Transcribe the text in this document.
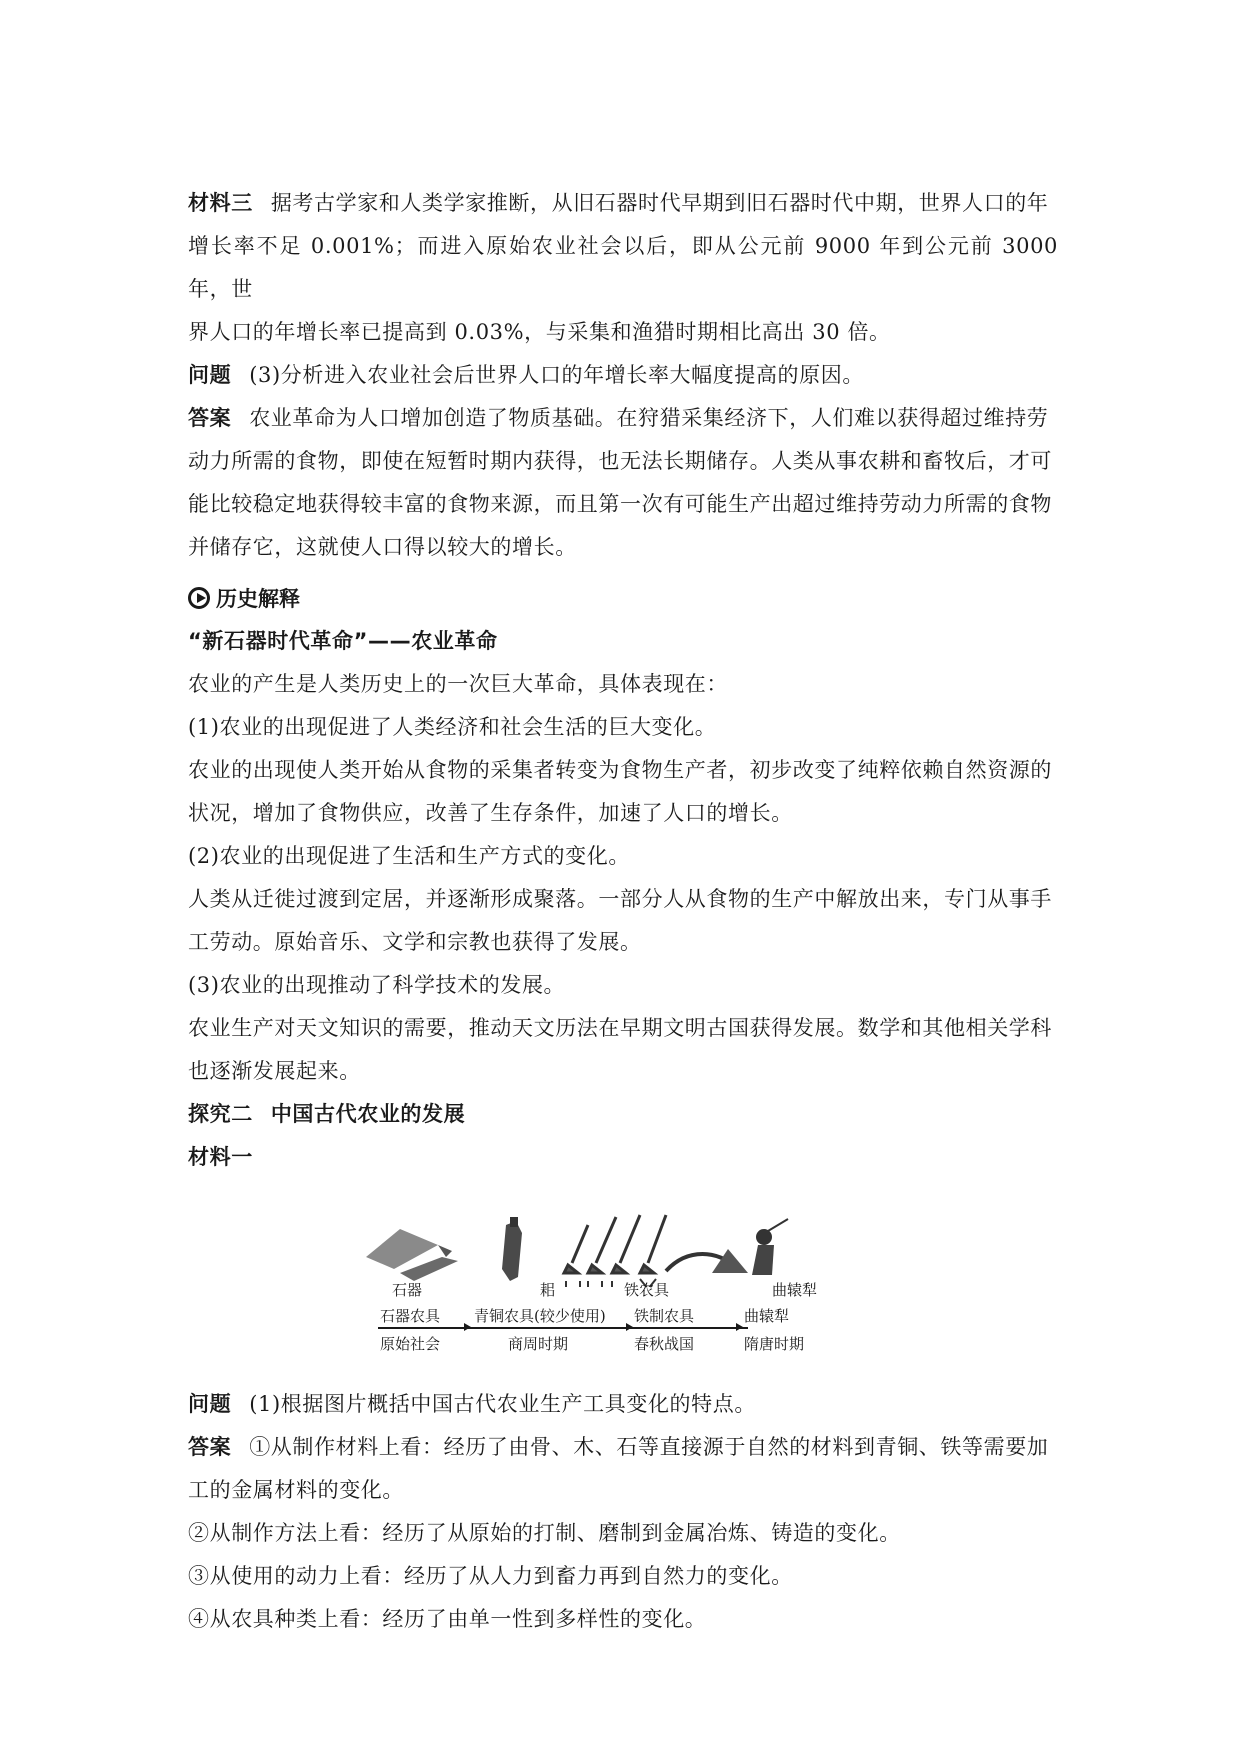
材料三 据考古学家和人类学家推断，从旧石器时代早期到旧石器时代中期，世界人口的年

增长率不足 0.001%；而进入原始农业社会以后，即从公元前 9000 年到公元前 3000 年，世

界人口的年增长率已提高到 0.03%，与采集和渔猎时期相比高出 30 倍。

问题 (3)分析进入农业社会后世界人口的年增长率大幅度提高的原因。

答案 农业革命为人口增加创造了物质基础。在狩猎采集经济下，人们难以获得超过维持劳

动力所需的食物，即使在短暂时期内获得，也无法长期储存。人类从事农耕和畜牧后，才可

能比较稳定地获得较丰富的食物来源，而且第一次有可能生产出超过维持劳动力所需的食物

并储存它，这就使人口得以较大的增长。

历史解释

“新石器时代革命”——农业革命

农业的产生是人类历史上的一次巨大革命，具体表现在：

(1)农业的出现促进了人类经济和社会生活的巨大变化。

农业的出现使人类开始从食物的采集者转变为食物生产者，初步改变了纯粹依赖自然资源的

状况，增加了食物供应，改善了生存条件，加速了人口的增长。

(2)农业的出现促进了生活和生产方式的变化。

人类从迁徙过渡到定居，并逐渐形成聚落。一部分人从食物的生产中解放出来，专门从事手

工劳动。原始音乐、文学和宗教也获得了发展。

(3)农业的出现推动了科学技术的发展。

农业生产对天文知识的需要，推动天文历法在早期文明古国获得发展。数学和其他相关学科

也逐渐发展起来。

探究二 中国古代农业的发展

材料一

石器	耜	铁农具	曲辕犁
石器农具 青铜农具(较少使用) 铁制农具	曲辕犁
原始社会	商周时期	春秋战国	隋唐时期

问题 (1)根据图片概括中国古代农业生产工具变化的特点。

答案 ①从制作材料上看：经历了由骨、木、石等直接源于自然的材料到青铜、铁等需要加

工的金属材料的变化。

②从制作方法上看：经历了从原始的打制、磨制到金属冶炼、铸造的变化。

③从使用的动力上看：经历了从人力到畜力再到自然力的变化。

④从农具种类上看：经历了由单一性到多样性的变化。
